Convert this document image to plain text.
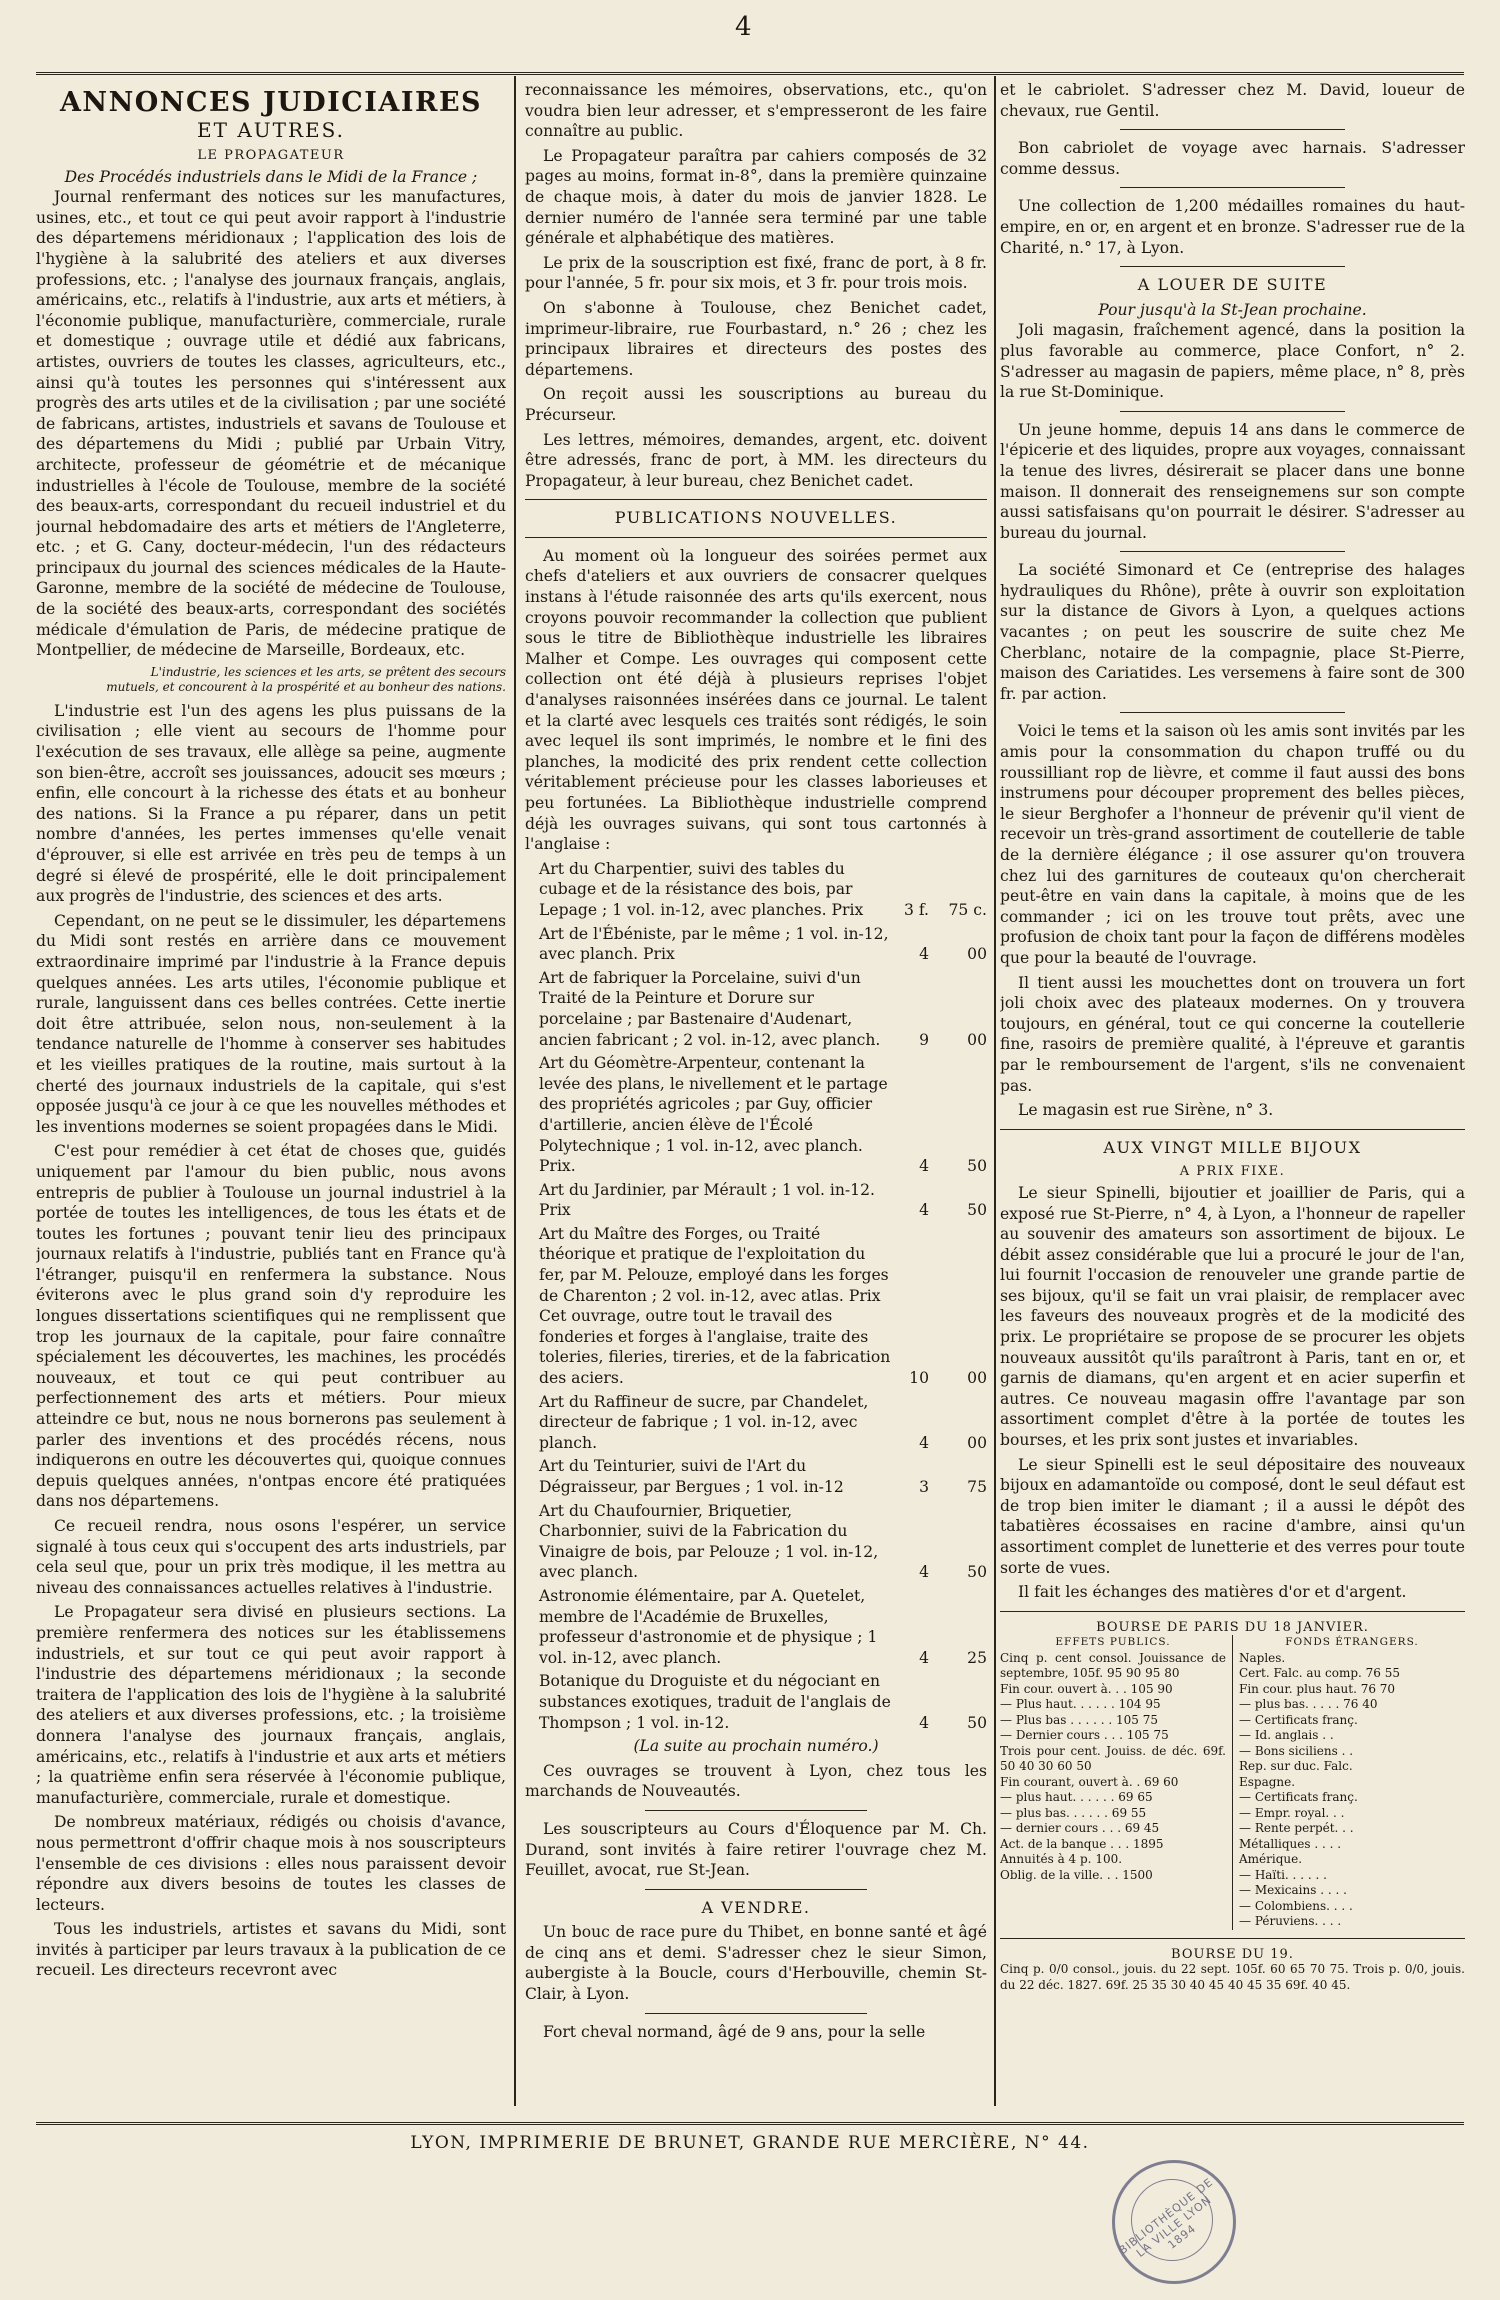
4
ANNONCES JUDICIAIRES
ET AUTRES.
LE PROPAGATEUR
Des Procédés industriels dans le Midi de la France ;

Journal renfermant des notices sur les manufactures, usines, etc., et tout ce qui peut avoir rapport à l'industrie des départemens méridionaux ; l'application des lois de l'hygiène à la salubrité des ateliers et aux diverses professions, etc. ; l'analyse des journaux français, anglais, américains, etc., relatifs à l'industrie, aux arts et métiers, à l'économie publique, manufacturière, commerciale, rurale et domestique ; ouvrage utile et dédié aux fabricans, artistes, ouvriers de toutes les classes, agriculteurs, etc., ainsi qu'à toutes les personnes qui s'intéressent aux progrès des arts utiles et de la civilisation ; par une société de fabricans, artistes, industriels et savans de Toulouse et des départemens du Midi ; publié par Urbain Vitry, architecte, professeur de géométrie et de mécanique industrielles à l'école de Toulouse, membre de la société des beaux-arts, correspondant du recueil industriel et du journal hebdomadaire des arts et métiers de l'Angleterre, etc. ; et G. Cany, docteur-médecin, l'un des rédacteurs principaux du journal des sciences médicales de la Haute-Garonne, membre de la société de médecine de Toulouse, de la société des beaux-arts, correspondant des sociétés médicale d'émulation de Paris, de médecine pratique de Montpellier, de médecine de Marseille, Bordeaux, etc.

L'industrie, les sciences et les arts, se prêtent des secours mutuels, et concourent à la prospérité et au bonheur des nations.

L'industrie est l'un des agens les plus puissans de la civilisation ; elle vient au secours de l'homme pour l'exécution de ses travaux, elle allège sa peine, augmente son bien-être, accroît ses jouissances, adoucit ses mœurs ; enfin, elle concourt à la richesse des états et au bonheur des nations. Si la France a pu réparer, dans un petit nombre d'années, les pertes immenses qu'elle venait d'éprouver, si elle est arrivée en très peu de temps à un degré si élevé de prospérité, elle le doit principalement aux progrès de l'industrie, des sciences et des arts.

Cependant, on ne peut se le dissimuler, les départemens du Midi sont restés en arrière dans ce mouvement extraordinaire imprimé par l'industrie à la France depuis quelques années. Les arts utiles, l'économie publique et rurale, languissent dans ces belles contrées. Cette inertie doit être attribuée, selon nous, non-seulement à la tendance naturelle de l'homme à conserver ses habitudes et les vieilles pratiques de la routine, mais surtout à la cherté des journaux industriels de la capitale, qui s'est opposée jusqu'à ce jour à ce que les nouvelles méthodes et les inventions modernes se soient propagées dans le Midi.

C'est pour remédier à cet état de choses que, guidés uniquement par l'amour du bien public, nous avons entrepris de publier à Toulouse un journal industriel à la portée de toutes les intelligences, de tous les états et de toutes les fortunes ; pouvant tenir lieu des principaux journaux relatifs à l'industrie, publiés tant en France qu'à l'étranger, puisqu'il en renfermera la substance. Nous éviterons avec le plus grand soin d'y reproduire les longues dissertations scientifiques qui ne remplissent que trop les journaux de la capitale, pour faire connaître spécialement les découvertes, les machines, les procédés nouveaux, et tout ce qui peut contribuer au perfectionnement des arts et métiers. Pour mieux atteindre ce but, nous ne nous bornerons pas seulement à parler des inventions et des procédés récens, nous indiquerons en outre les découvertes qui, quoique connues depuis quelques années, n'ontpas encore été pratiquées dans nos départemens.

Ce recueil rendra, nous osons l'espérer, un service signalé à tous ceux qui s'occupent des arts industriels, par cela seul que, pour un prix très modique, il les mettra au niveau des connaissances actuelles relatives à l'industrie.

Le Propagateur sera divisé en plusieurs sections. La première renfermera des notices sur les établissemens industriels, et sur tout ce qui peut avoir rapport à l'industrie des départemens méridionaux ; la seconde traitera de l'application des lois de l'hygiène à la salubrité des ateliers et aux diverses professions, etc. ; la troisième donnera l'analyse des journaux français, anglais, américains, etc., relatifs à l'industrie et aux arts et métiers ; la quatrième enfin sera réservée à l'économie publique, manufacturière, commerciale, rurale et domestique.

De nombreux matériaux, rédigés ou choisis d'avance, nous permettront d'offrir chaque mois à nos souscripteurs l'ensemble de ces divisions : elles nous paraissent devoir répondre aux divers besoins de toutes les classes de lecteurs.

Tous les industriels, artistes et savans du Midi, sont invités à participer par leurs travaux à la publication de ce recueil. Les directeurs recevront avec

reconnaissance les mémoires, observations, etc., qu'on voudra bien leur adresser, et s'empresseront de les faire connaître au public.

Le Propagateur paraîtra par cahiers composés de 32 pages au moins, format in-8°, dans la première quinzaine de chaque mois, à dater du mois de janvier 1828. Le dernier numéro de l'année sera terminé par une table générale et alphabétique des matières.

Le prix de la souscription est fixé, franc de port, à 8 fr. pour l'année, 5 fr. pour six mois, et 3 fr. pour trois mois.

On s'abonne à Toulouse, chez Benichet cadet, imprimeur-libraire, rue Fourbastard, n.° 26 ; chez les principaux libraires et directeurs des postes des départemens.

On reçoit aussi les souscriptions au bureau du Précurseur.

Les lettres, mémoires, demandes, argent, etc. doivent être adressés, franc de port, à MM. les directeurs du Propagateur, à leur bureau, chez Benichet cadet.

PUBLICATIONS NOUVELLES.

Au moment où la longueur des soirées permet aux chefs d'ateliers et aux ouvriers de consacrer quelques instans à l'étude raisonnée des arts qu'ils exercent, nous croyons pouvoir recommander la collection que publient sous le titre de Bibliothèque industrielle les libraires Malher et Compe. Les ouvrages qui composent cette collection ont été déjà à plusieurs reprises l'objet d'analyses raisonnées insérées dans ce journal. Le talent et la clarté avec lesquels ces traités sont rédigés, le soin avec lequel ils sont imprimés, le nombre et le fini des planches, la modicité des prix rendent cette collection véritablement précieuse pour les classes laborieuses et peu fortunées. La Bibliothèque industrielle comprend déjà les ouvrages suivans, qui sont tous cartonnés à l'anglaise :

Art du Charpentier, suivi des tables du cubage et de la résistance des bois, par Lepage ; 1 vol. in-12, avec planches. Prix	3 f.	75 c.
Art de l'Ébéniste, par le même ; 1 vol. in-12, avec planch. Prix	4	00
Art de fabriquer la Porcelaine, suivi d'un Traité de la Peinture et Dorure sur porcelaine ; par Bastenaire d'Audenart, ancien fabricant ; 2 vol. in-12, avec planch.	9	00
Art du Géomètre-Arpenteur, contenant la levée des plans, le nivellement et le partage des propriétés agricoles ; par Guy, officier d'artillerie, ancien élève de l'Écolé Polytechnique ; 1 vol. in-12, avec planch. Prix.	4	50
Art du Jardinier, par Mérault ; 1 vol. in-12. Prix	4	50
Art du Maître des Forges, ou Traité théorique et pratique de l'exploitation du fer, par M. Pelouze, employé dans les forges de Charenton ; 2 vol. in-12, avec atlas. Prix Cet ouvrage, outre tout le travail des fonderies et forges à l'anglaise, traite des toleries, fileries, tireries, et de la fabrication des aciers.	10	00
Art du Raffineur de sucre, par Chandelet, directeur de fabrique ; 1 vol. in-12, avec planch.	4	00
Art du Teinturier, suivi de l'Art du Dégraisseur, par Bergues ; 1 vol. in-12	3	75
Art du Chaufournier, Briquetier, Charbonnier, suivi de la Fabrication du Vinaigre de bois, par Pelouze ; 1 vol. in-12, avec planch.	4	50
Astronomie élémentaire, par A. Quetelet, membre de l'Académie de Bruxelles, professeur d'astronomie et de physique ; 1 vol. in-12, avec planch.	4	25
Botanique du Droguiste et du négociant en substances exotiques, traduit de l'anglais de Thompson ; 1 vol. in-12.	4	50

(La suite au prochain numéro.)

Ces ouvrages se trouvent à Lyon, chez tous les marchands de Nouveautés.

Les souscripteurs au Cours d'Éloquence par M. Ch. Durand, sont invités à faire retirer l'ouvrage chez M. Feuillet, avocat, rue St-Jean.

A VENDRE.

Un bouc de race pure du Thibet, en bonne santé et âgé de cinq ans et demi. S'adresser chez le sieur Simon, aubergiste à la Boucle, cours d'Herbouville, chemin St-Clair, à Lyon.

Fort cheval normand, âgé de 9 ans, pour la selle

et le cabriolet. S'adresser chez M. David, loueur de chevaux, rue Gentil.

Bon cabriolet de voyage avec harnais. S'adresser comme dessus.

Une collection de 1,200 médailles romaines du haut-empire, en or, en argent et en bronze. S'adresser rue de la Charité, n.° 17, à Lyon.

A LOUER DE SUITE
Pour jusqu'à la St-Jean prochaine.

Joli magasin, fraîchement agencé, dans la position la plus favorable au commerce, place Confort, n° 2. S'adresser au magasin de papiers, même place, n° 8, près la rue St-Dominique.

Un jeune homme, depuis 14 ans dans le commerce de l'épicerie et des liquides, propre aux voyages, connaissant la tenue des livres, désirerait se placer dans une bonne maison. Il donnerait des renseignemens sur son compte aussi satisfaisans qu'on pourrait le désirer. S'adresser au bureau du journal.

La société Simonard et Ce (entreprise des halages hydrauliques du Rhône), prête à ouvrir son exploitation sur la distance de Givors à Lyon, a quelques actions vacantes ; on peut les souscrire de suite chez Me Cherblanc, notaire de la compagnie, place St-Pierre, maison des Cariatides. Les versemens à faire sont de 300 fr. par action.

Voici le tems et la saison où les amis sont invités par les amis pour la consommation du chapon truffé ou du roussilliant rop de lièvre, et comme il faut aussi des bons instrumens pour découper proprement des belles pièces, le sieur Berghofer a l'honneur de prévenir qu'il vient de recevoir un très-grand assortiment de coutellerie de table de la dernière élégance ; il ose assurer qu'on trouvera chez lui des garnitures de couteaux qu'on chercherait peut-être en vain dans la capitale, à moins que de les commander ; ici on les trouve tout prêts, avec une profusion de choix tant pour la façon de différens modèles que pour la beauté de l'ouvrage.

Il tient aussi les mouchettes dont on trouvera un fort joli choix avec des plateaux modernes. On y trouvera toujours, en général, tout ce qui concerne la coutellerie fine, rasoirs de première qualité, à l'épreuve et garantis par le remboursement de l'argent, s'ils ne convenaient pas.

Le magasin est rue Sirène, n° 3.

AUX VINGT MILLE BIJOUX
A PRIX FIXE.

Le sieur Spinelli, bijoutier et joaillier de Paris, qui a exposé rue St-Pierre, n° 4, à Lyon, a l'honneur de rapeller au souvenir des amateurs son assortiment de bijoux. Le débit assez considérable que lui a procuré le jour de l'an, lui fournit l'occasion de renouveler une grande partie de ses bijoux, qu'il se fait un vrai plaisir, de remplacer avec les faveurs des nouveaux progrès et de la modicité des prix. Le propriétaire se propose de se procurer les objets nouveaux aussitôt qu'ils paraîtront à Paris, tant en or, et garnis de diamans, qu'en argent et en acier superfin et autres. Ce nouveau magasin offre l'avantage par son assortiment complet d'être à la portée de toutes les bourses, et les prix sont justes et invariables.

Le sieur Spinelli est le seul dépositaire des nouveaux bijoux en adamantoïde ou composé, dont le seul défaut est de trop bien imiter le diamant ; il a aussi le dépôt des tabatières écossaises en racine d'ambre, ainsi qu'un assortiment complet de lunetterie et des verres pour toute sorte de vues.

Il fait les échanges des matières d'or et d'argent.

BOURSE DE PARIS DU 18 JANVIER.
EFFETS PUBLICS.
Cinq p. cent consol. Jouissance de septembre, 105f. 95 90 95 80
Fin cour. ouvert à. . . 105 90
— Plus haut. . . . . . 104 95
— Plus bas . . . . . . 105 75
— Dernier cours . . . 105 75
Trois pour cent. Jouiss. de déc. 69f. 50 40 30 60 50
Fin courant, ouvert à. . 69 60
— plus haut. . . . . . 69 65
— plus bas. . . . . . 69 55
— dernier cours . . . 69 45
Act. de la banque . . . 1895
Annuités à 4 p. 100.
Oblig. de la ville. . . 1500

FONDS ÉTRANGERS.
Naples.
Cert. Falc. au comp. 76 55
Fin cour. plus haut. 76 70
— plus bas. . . . . 76 40
— Certificats franç.
— Id. anglais . .
— Bons siciliens . .
Rep. sur duc. Falc.
Espagne.
— Certificats franç.
— Empr. royal. . .
— Rente perpét. . .
Métalliques . . . .
Amérique.
— Haïti. . . . . .
— Mexicains . . . .
— Colombiens. . . .
— Péruviens. . . .
BOURSE DU 19.
Cinq p. 0/0 consol., jouis. du 22 sept. 105f. 60 65 70 75. Trois p. 0/0, jouis. du 22 déc. 1827. 69f. 25 35 30 40 45 40 45 35 69f. 40 45.
LYON, IMPRIMERIE DE BRUNET, GRANDE RUE MERCIÈRE, N° 44.
BIBLIOTHÈQUE DE LA VILLE LYON 1894
